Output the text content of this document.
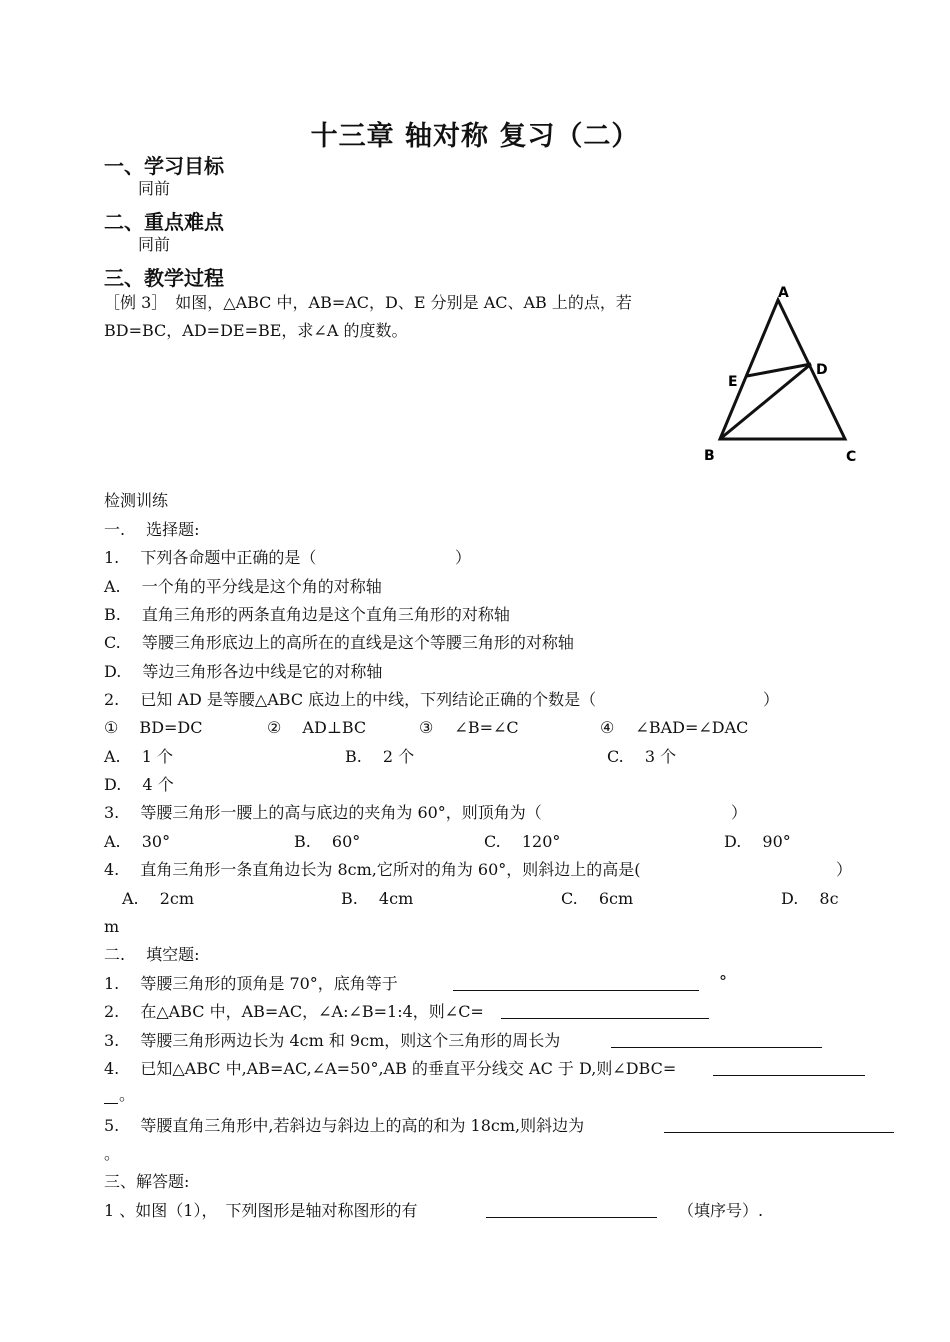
十三章 轴对称 复习（二）
一、学习目标
同前
二、重点难点
同前
三、教学过程
［例 3］　如图，△ABC 中，AB=AC，D、E 分别是 AC、AB 上的点，若
BD=BC，AD=DE=BE，求∠A 的度数。
A
B	C
D
E
检测训练
一.　 选择题:
1.　 下列各命题中正确的是（	）
A.　 一个角的平分线是这个角的对称轴
B.　 直角三角形的两条直角边是这个直角三角形的对称轴
C.　 等腰三角形底边上的高所在的直线是这个等腰三角形的对称轴
D.　 等边三角形各边中线是它的对称轴
2.　 已知 AD 是等腰△ABC 底边上的中线，下列结论正确的个数是（	）
①　 BD=DC	②　 AD⊥BC	③　 ∠B=∠C	④　 ∠BAD=∠DAC
A.　 1 个	B.　 2 个	C.　 3 个
D.　 4 个
3.　 等腰三角形一腰上的高与底边的夹角为 60°，则顶角为（	）
A.　 30°	B.　 60°	C.　 120°	D.　 90°
4.　 直角三角形一条直角边长为 8cm,它所对的角为 60°，则斜边上的高是(	）
A.　 2cm	B.　 4cm	C.　 6cm	D.　 8c
m
二.　 填空题:
1.　 等腰三角形的顶角是 70°，底角等于	°
2.　 在△ABC 中，AB=AC，∠A:∠B=1:4，则∠C=
3.　 等腰三角形两边长为 4cm 和 9cm，则这个三角形的周长为
4.　 已知△ABC 中,AB=AC,∠A=50°,AB 的垂直平分线交 AC 于 D,则∠DBC=
。
5.　 等腰直角三角形中,若斜边与斜边上的高的和为 18cm,则斜边为
。
三、解答题:
1 、如图（1），　下列图形是轴对称图形的有	（填序号）.
